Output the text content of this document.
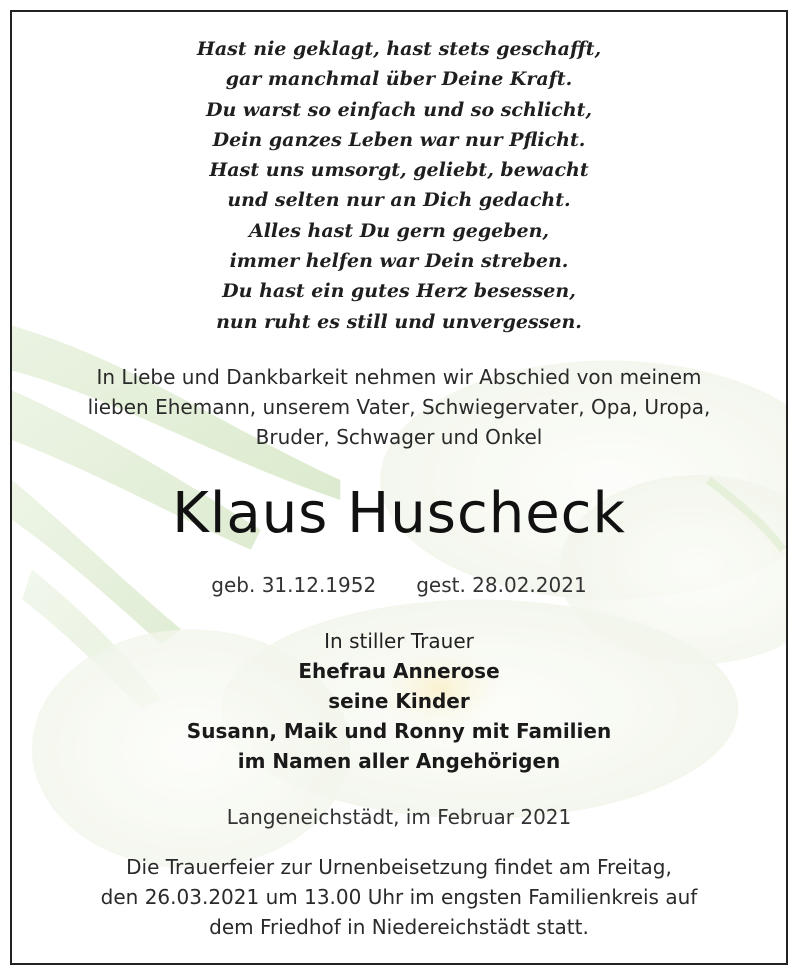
Hast nie geklagt, hast stets geschafft,
gar manchmal über Deine Kraft.
Du warst so einfach und so schlicht,
Dein ganzes Leben war nur Pflicht.
Hast uns umsorgt, geliebt, bewacht
und selten nur an Dich gedacht.
Alles hast Du gern gegeben,
immer helfen war Dein streben.
Du hast ein gutes Herz besessen,
nun ruht es still und unvergessen.
In Liebe und Dankbarkeit nehmen wir Abschied von meinem
lieben Ehemann, unserem Vater, Schwiegervater, Opa, Uropa,
Bruder, Schwager und Onkel
Klaus Huscheck
geb. 31.12.1952 gest. 28.02.2021
In stiller Trauer
Ehefrau Annerose
seine Kinder
Susann, Maik und Ronny mit Familien
im Namen aller Angehörigen
Langeneichstädt, im Februar 2021
Die Trauerfeier zur Urnenbeisetzung findet am Freitag,
den 26.03.2021 um 13.00 Uhr im engsten Familienkreis auf
dem Friedhof in Niedereichstädt statt.
